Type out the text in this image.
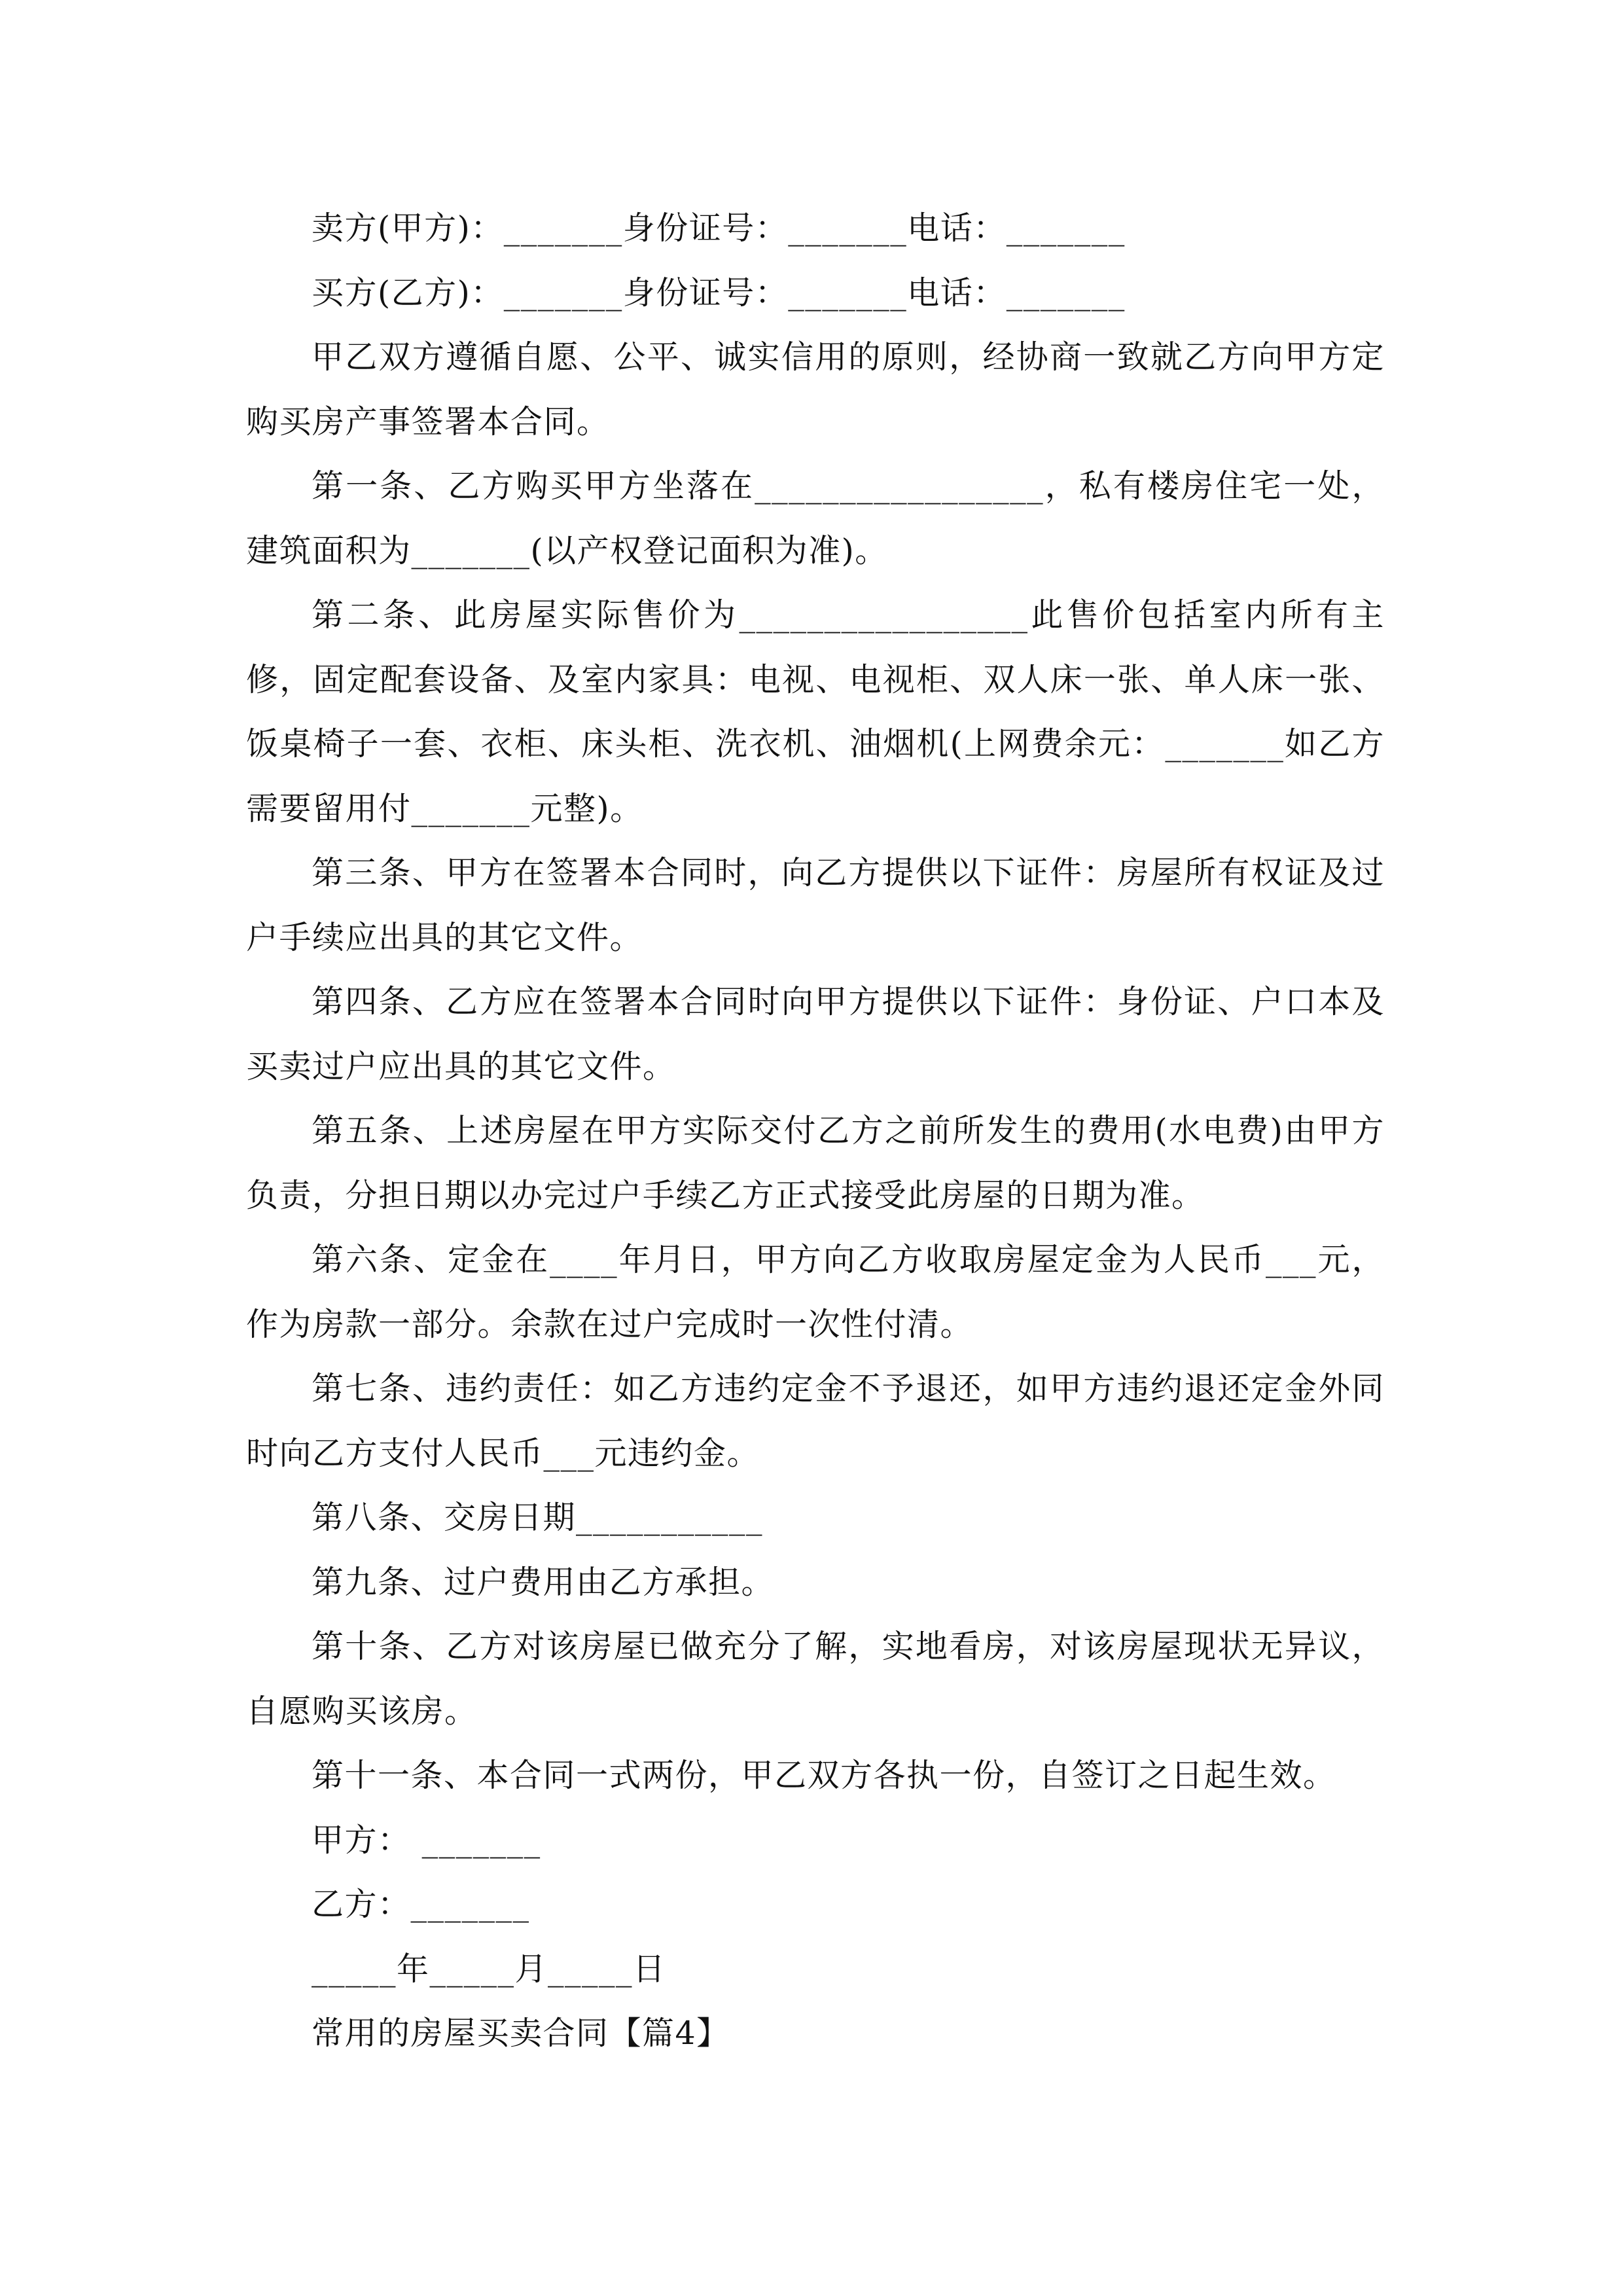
卖方(甲方)：_______身份证号：_______电话：_______

买方(乙方)：_______身份证号：_______电话：_______

甲乙双方遵循自愿、公平、诚实信用的原则，经协商一致就乙方向甲方定购买房产事签署本合同。

第一条、乙方购买甲方坐落在_________________，私有楼房住宅一处，建筑面积为_______(以产权登记面积为准)。

第二条、此房屋实际售价为_________________此售价包括室内所有主修，固定配套设备、及室内家具：电视、电视柜、双人床一张、单人床一张、饭桌椅子一套、衣柜、床头柜、洗衣机、油烟机(上网费余元：_______如乙方需要留用付_______元整)。

第三条、甲方在签署本合同时，向乙方提供以下证件：房屋所有权证及过户手续应出具的其它文件。

第四条、乙方应在签署本合同时向甲方提供以下证件：身份证、户口本及买卖过户应出具的其它文件。

第五条、上述房屋在甲方实际交付乙方之前所发生的费用(水电费)由甲方负责，分担日期以办完过户手续乙方正式接受此房屋的日期为准。

第六条、定金在____年月日，甲方向乙方收取房屋定金为人民币___元，作为房款一部分。余款在过户完成时一次性付清。

第七条、违约责任：如乙方违约定金不予退还，如甲方违约退还定金外同时向乙方支付人民币___元违约金。

第八条、交房日期___________

第九条、过户费用由乙方承担。

第十条、乙方对该房屋已做充分了解，实地看房，对该房屋现状无异议，自愿购买该房。

第十一条、本合同一式两份，甲乙双方各执一份，自签订之日起生效。

甲方： _______

乙方：_______

_____年_____月_____日

常用的房屋买卖合同【篇4】
